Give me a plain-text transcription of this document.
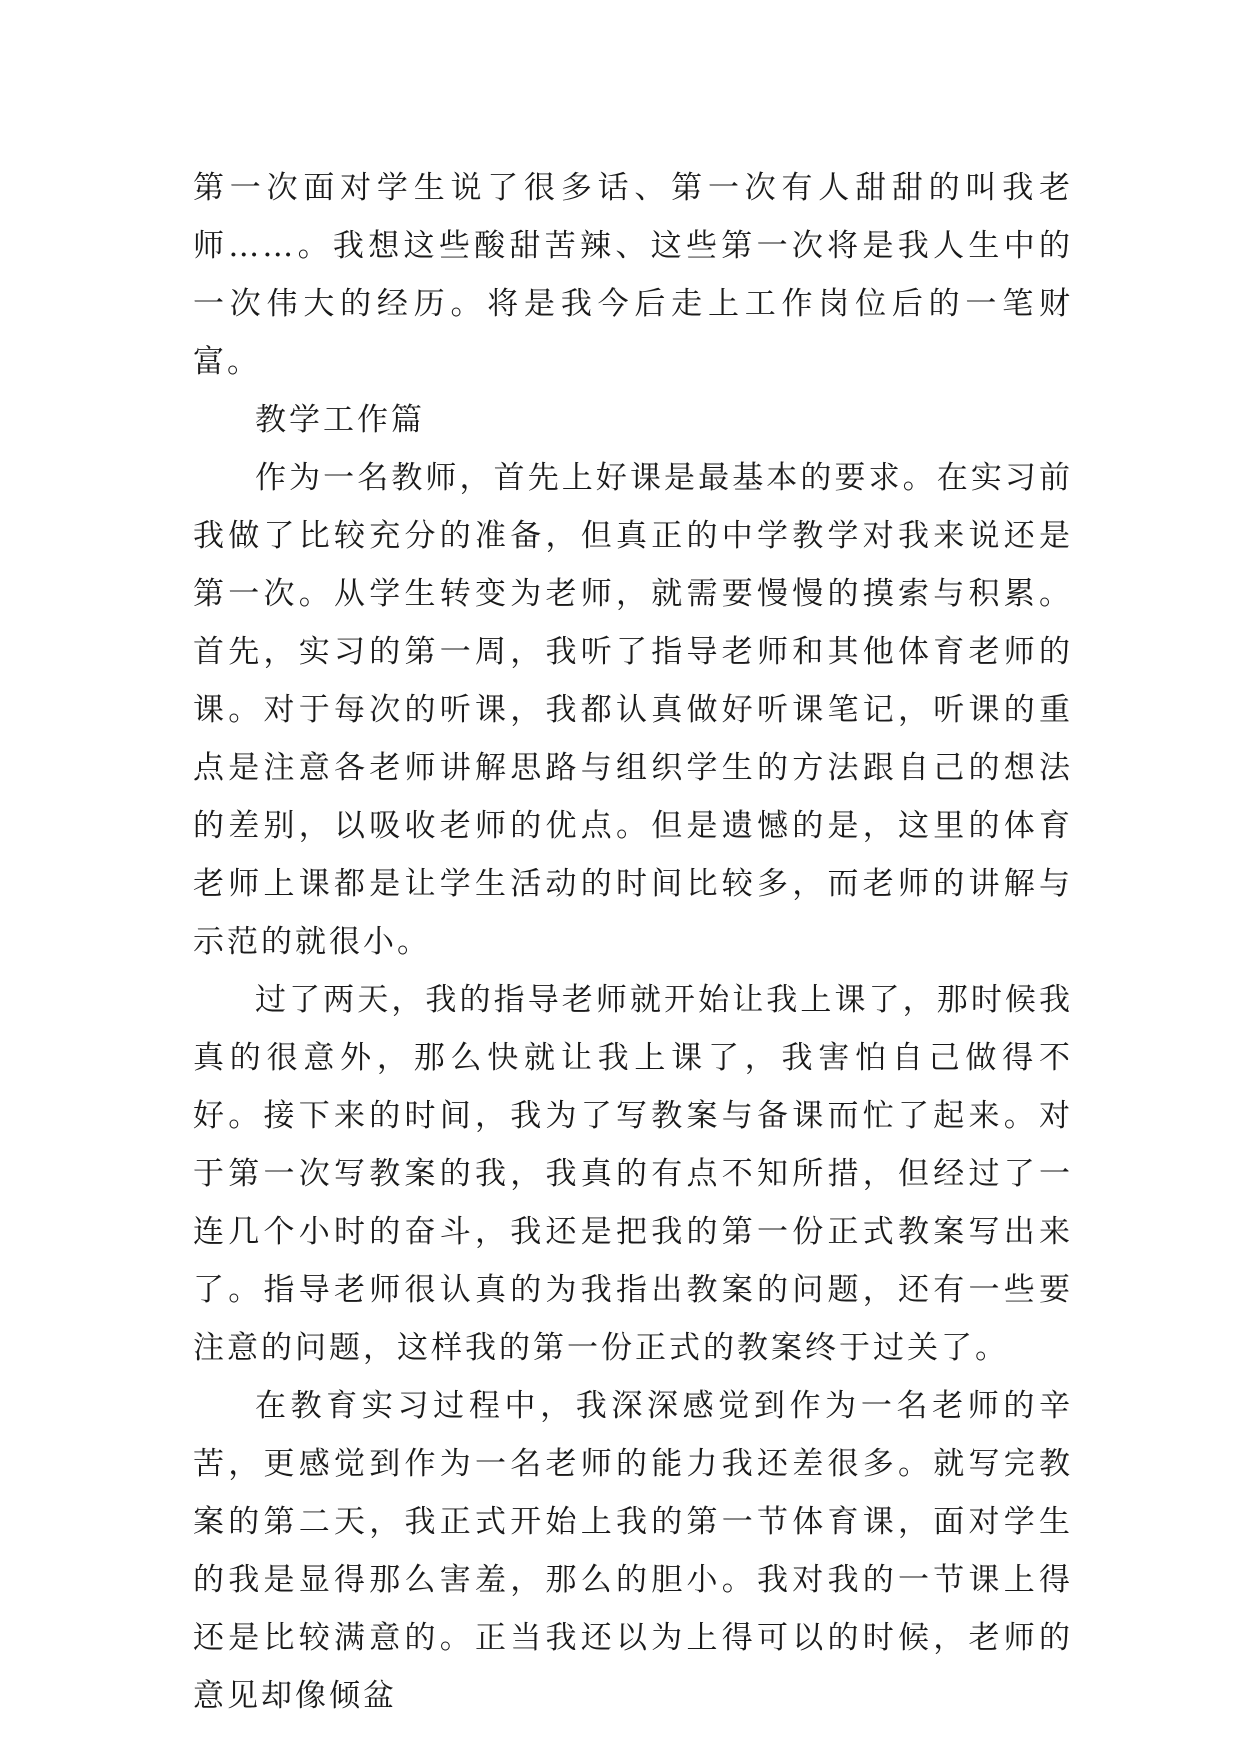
第一次面对学生说了很多话、第一次有人甜甜的叫我老师……。我想这些酸甜苦辣、这些第一次将是我人生中的一次伟大的经历。将是我今后走上工作岗位后的一笔财富。

教学工作篇

作为一名教师，首先上好课是最基本的要求。在实习前我做了比较充分的准备，但真正的中学教学对我来说还是第一次。从学生转变为老师，就需要慢慢的摸索与积累。首先，实习的第一周，我听了指导老师和其他体育老师的课。对于每次的听课，我都认真做好听课笔记，听课的重点是注意各老师讲解思路与组织学生的方法跟自己的想法的差别，以吸收老师的优点。但是遗憾的是，这里的体育老师上课都是让学生活动的时间比较多，而老师的讲解与示范的就很小。

过了两天，我的指导老师就开始让我上课了，那时候我真的很意外，那么快就让我上课了，我害怕自己做得不好。接下来的时间，我为了写教案与备课而忙了起来。对于第一次写教案的我，我真的有点不知所措，但经过了一连几个小时的奋斗，我还是把我的第一份正式教案写出来了。指导老师很认真的为我指出教案的问题，还有一些要注意的问题，这样我的第一份正式的教案终于过关了。

在教育实习过程中，我深深感觉到作为一名老师的辛苦，更感觉到作为一名老师的能力我还差很多。就写完教案的第二天，我正式开始上我的第一节体育课，面对学生的我是显得那么害羞，那么的胆小。我对我的一节课上得还是比较满意的。正当我还以为上得可以的时候，老师的意见却像倾盆
